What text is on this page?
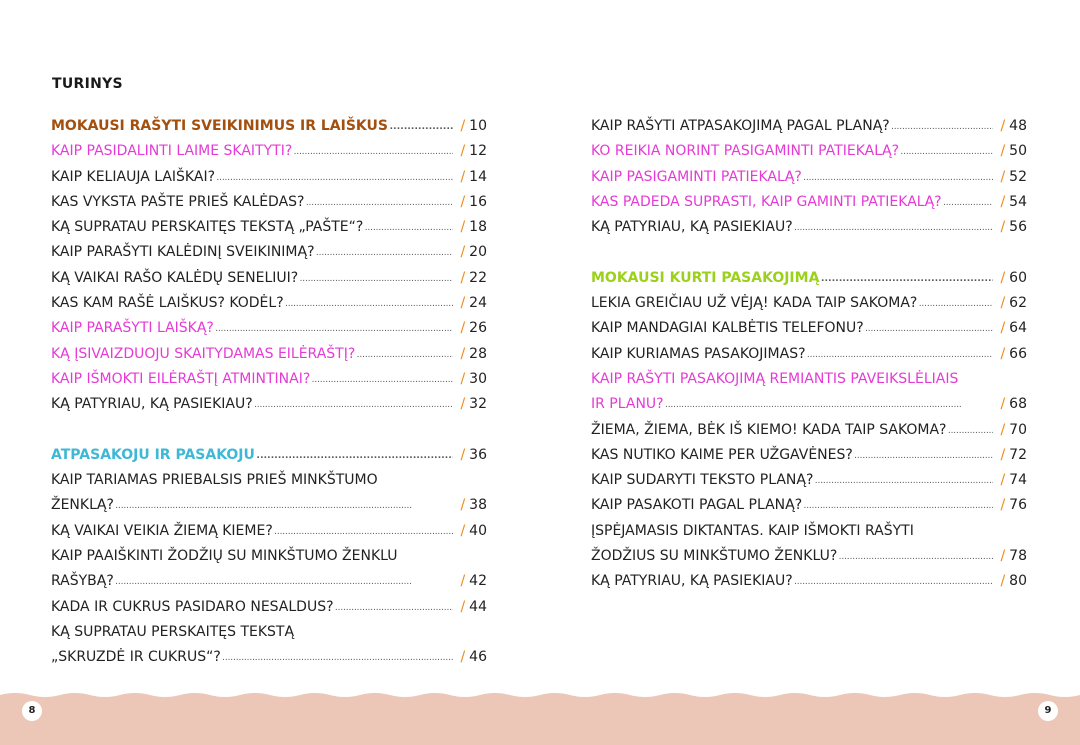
TURINYS
MOKAUSI RAŠYTI SVEIKINIMUS IR LAIŠKUS . . .	/ 10
KAIP PASIDALINTI LAIME SKAITYTI? . . .	/ 12
KAIP KELIAUJA LAIŠKAI? . . .	/ 14
KAS VYKSTA PAŠTE PRIEŠ KALĖDAS? . . .	/ 16
KĄ SUPRATAU PERSKAITĘS TEKSTĄ „PAŠTE“? . . .	/ 18
KAIP PARAŠYTI KALĖDINĮ SVEIKINIMĄ? . . .	/ 20
KĄ VAIKAI RAŠO KALĖDŲ SENELIUI? . . .	/ 22
KAS KAM RAŠĖ LAIŠKUS? KODĖL? . . .	/ 24
KAIP PARAŠYTI LAIŠKĄ? . . .	/ 26
KĄ ĮSIVAIZDUOJU SKAITYDAMAS EILĖRAŠTĮ? . . .	/ 28
KAIP IŠMOKTI EILĖRAŠTĮ ATMINTINAI? . . .	/ 30
KĄ PATYRIAU, KĄ PASIEKIAU? . . .	/ 32
ATPASAKOJU IR PASAKOJU . . .	/ 36
KAIP TARIAMAS PRIEBALSIS PRIEŠ MINKŠTUMO
ŽENKLĄ? . . .	/ 38
KĄ VAIKAI VEIKIA ŽIEMĄ KIEME? . . .	/ 40
KAIP PAAIŠKINTI ŽODŽIŲ SU MINKŠTUMO ŽENKLU
RAŠYBĄ? . . .	/ 42
KADA IR CUKRUS PASIDARO NESALDUS? . . .	/ 44
KĄ SUPRATAU PERSKAITĘS TEKSTĄ
„SKRUZDĖ IR CUKRUS“? . . .	/ 46
KAIP RAŠYTI ATPASAKOJIMĄ PAGAL PLANĄ? . . .	/ 48
KO REIKIA NORINT PASIGAMINTI PATIEKALĄ? . . .	/ 50
KAIP PASIGAMINTI PATIEKALĄ? . . .	/ 52
KAS PADEDA SUPRASTI, KAIP GAMINTI PATIEKALĄ? . . .	/ 54
KĄ PATYRIAU, KĄ PASIEKIAU? . . .	/ 56
MOKAUSI KURTI PASAKOJIMĄ . . .	/ 60
LEKIA GREIČIAU UŽ VĖJĄ! KADA TAIP SAKOMA? . . .	/ 62
KAIP MANDAGIAI KALBĖTIS TELEFONU? . . .	/ 64
KAIP KURIAMAS PASAKOJIMAS? . . .	/ 66
KAIP RAŠYTI PASAKOJIMĄ REMIANTIS PAVEIKSLĖLIAIS
IR PLANU? . . .	/ 68
ŽIEMA, ŽIEMA, BĖK IŠ KIEMO! KADA TAIP SAKOMA? . . .	/ 70
KAS NUTIKO KAIME PER UŽGAVĖNES? . . .	/ 72
KAIP SUDARYTI TEKSTO PLANĄ? . . .	/ 74
KAIP PASAKOTI PAGAL PLANĄ? . . .	/ 76
ĮSPĖJAMASIS DIKTANTAS. KAIP IŠMOKTI RAŠYTI
ŽODŽIUS SU MINKŠTUMO ŽENKLU? . . .	/ 78
KĄ PATYRIAU, KĄ PASIEKIAU? . . .	/ 80
8	9
